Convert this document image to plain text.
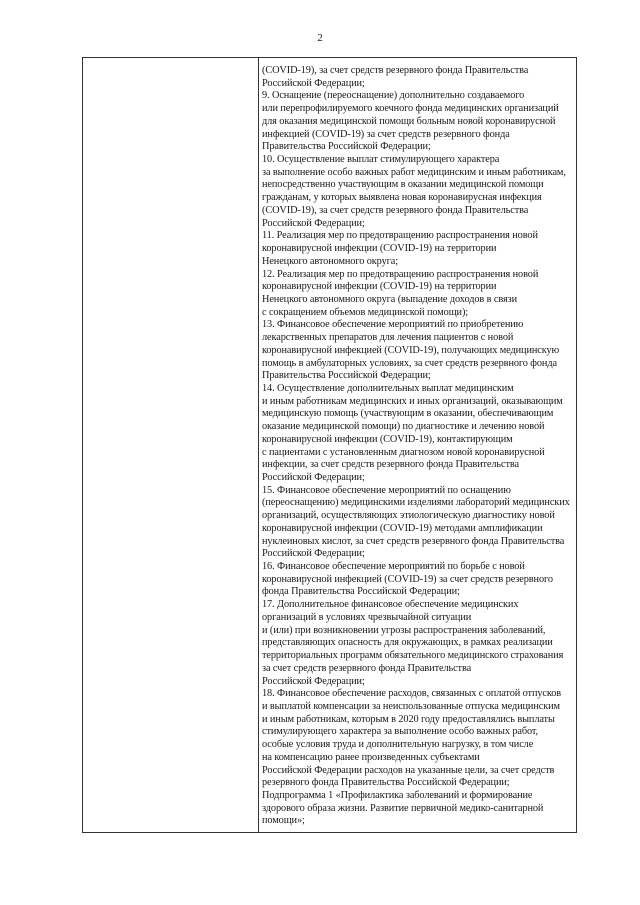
2
(COVID-19), за счет средств резервного фонда Правительства
Российской Федерации;
9. Оснащение (переоснащение) дополнительно создаваемого
или перепрофилируемого коечного фонда медицинских организаций
для оказания медицинской помощи больным новой коронавирусной
инфекцией (COVID-19) за счет средств резервного фонда
Правительства Российской Федерации;
10. Осуществление выплат стимулирующего характера
за выполнение особо важных работ медицинским и иным работникам,
непосредственно участвующим в оказании медицинской помощи
гражданам, у которых выявлена новая коронавирусная инфекция
(COVID-19), за счет средств резервного фонда Правительства
Российской Федерации;
11. Реализация мер по предотвращению распространения новой
коронавирусной инфекции (COVID-19) на территории
Ненецкого автономного округа;
12. Реализация мер по предотвращению распространения новой
коронавирусной инфекции (COVID-19) на территории
Ненецкого автономного округа (выпадение доходов в связи
с сокращением объемов медицинской помощи);
13. Финансовое обеспечение мероприятий по приобретению
лекарственных препаратов для лечения пациентов с новой
коронавирусной инфекцией (COVID-19), получающих медицинскую
помощь в амбулаторных условиях, за счет средств резервного фонда
Правительства Российской Федерации;
14. Осуществление дополнительных выплат медицинским
и иным работникам медицинских и иных организаций, оказывающим
медицинскую помощь (участвующим в оказании, обеспечивающим
оказание медицинской помощи) по диагностике и лечению новой
коронавирусной инфекции (COVID-19), контактирующим
с пациентами с установленным диагнозом новой коронавирусной
инфекции, за счет средств резервного фонда Правительства
Российской Федерации;
15. Финансовое обеспечение мероприятий по оснащению
(переоснащению) медицинскими изделиями лабораторий медицинских
организаций, осуществляющих этиологическую диагностику новой
коронавирусной инфекции (COVID-19) методами амплификации
нуклеиновых кислот, за счет средств резервного фонда Правительства
Российской Федерации;
16. Финансовое обеспечение мероприятий по борьбе с новой
коронавирусной инфекцией (COVID-19) за счет средств резервного
фонда Правительства Российской Федерации;
17. Дополнительное финансовое обеспечение медицинских
организаций в условиях чрезвычайной ситуации
и (или) при возникновении угрозы распространения заболеваний,
представляющих опасность для окружающих, в рамках реализации
территориальных программ обязательного медицинского страхования
за счет средств резервного фонда Правительства
Российской Федерации;
18. Финансовое обеспечение расходов, связанных с оплатой отпусков
и выплатой компенсации за неиспользованные отпуска медицинским
и иным работникам, которым в 2020 году предоставлялись выплаты
стимулирующего характера за выполнение особо важных работ,
особые условия труда и дополнительную нагрузку, в том числе
на компенсацию ранее произведенных субъектами
Российской Федерации расходов на указанные цели, за счет средств
резервного фонда Правительства Российской Федерации;
Подпрограмма 1 «Профилактика заболеваний и формирование
здорового образа жизни. Развитие первичной медико-санитарной
помощи»;
